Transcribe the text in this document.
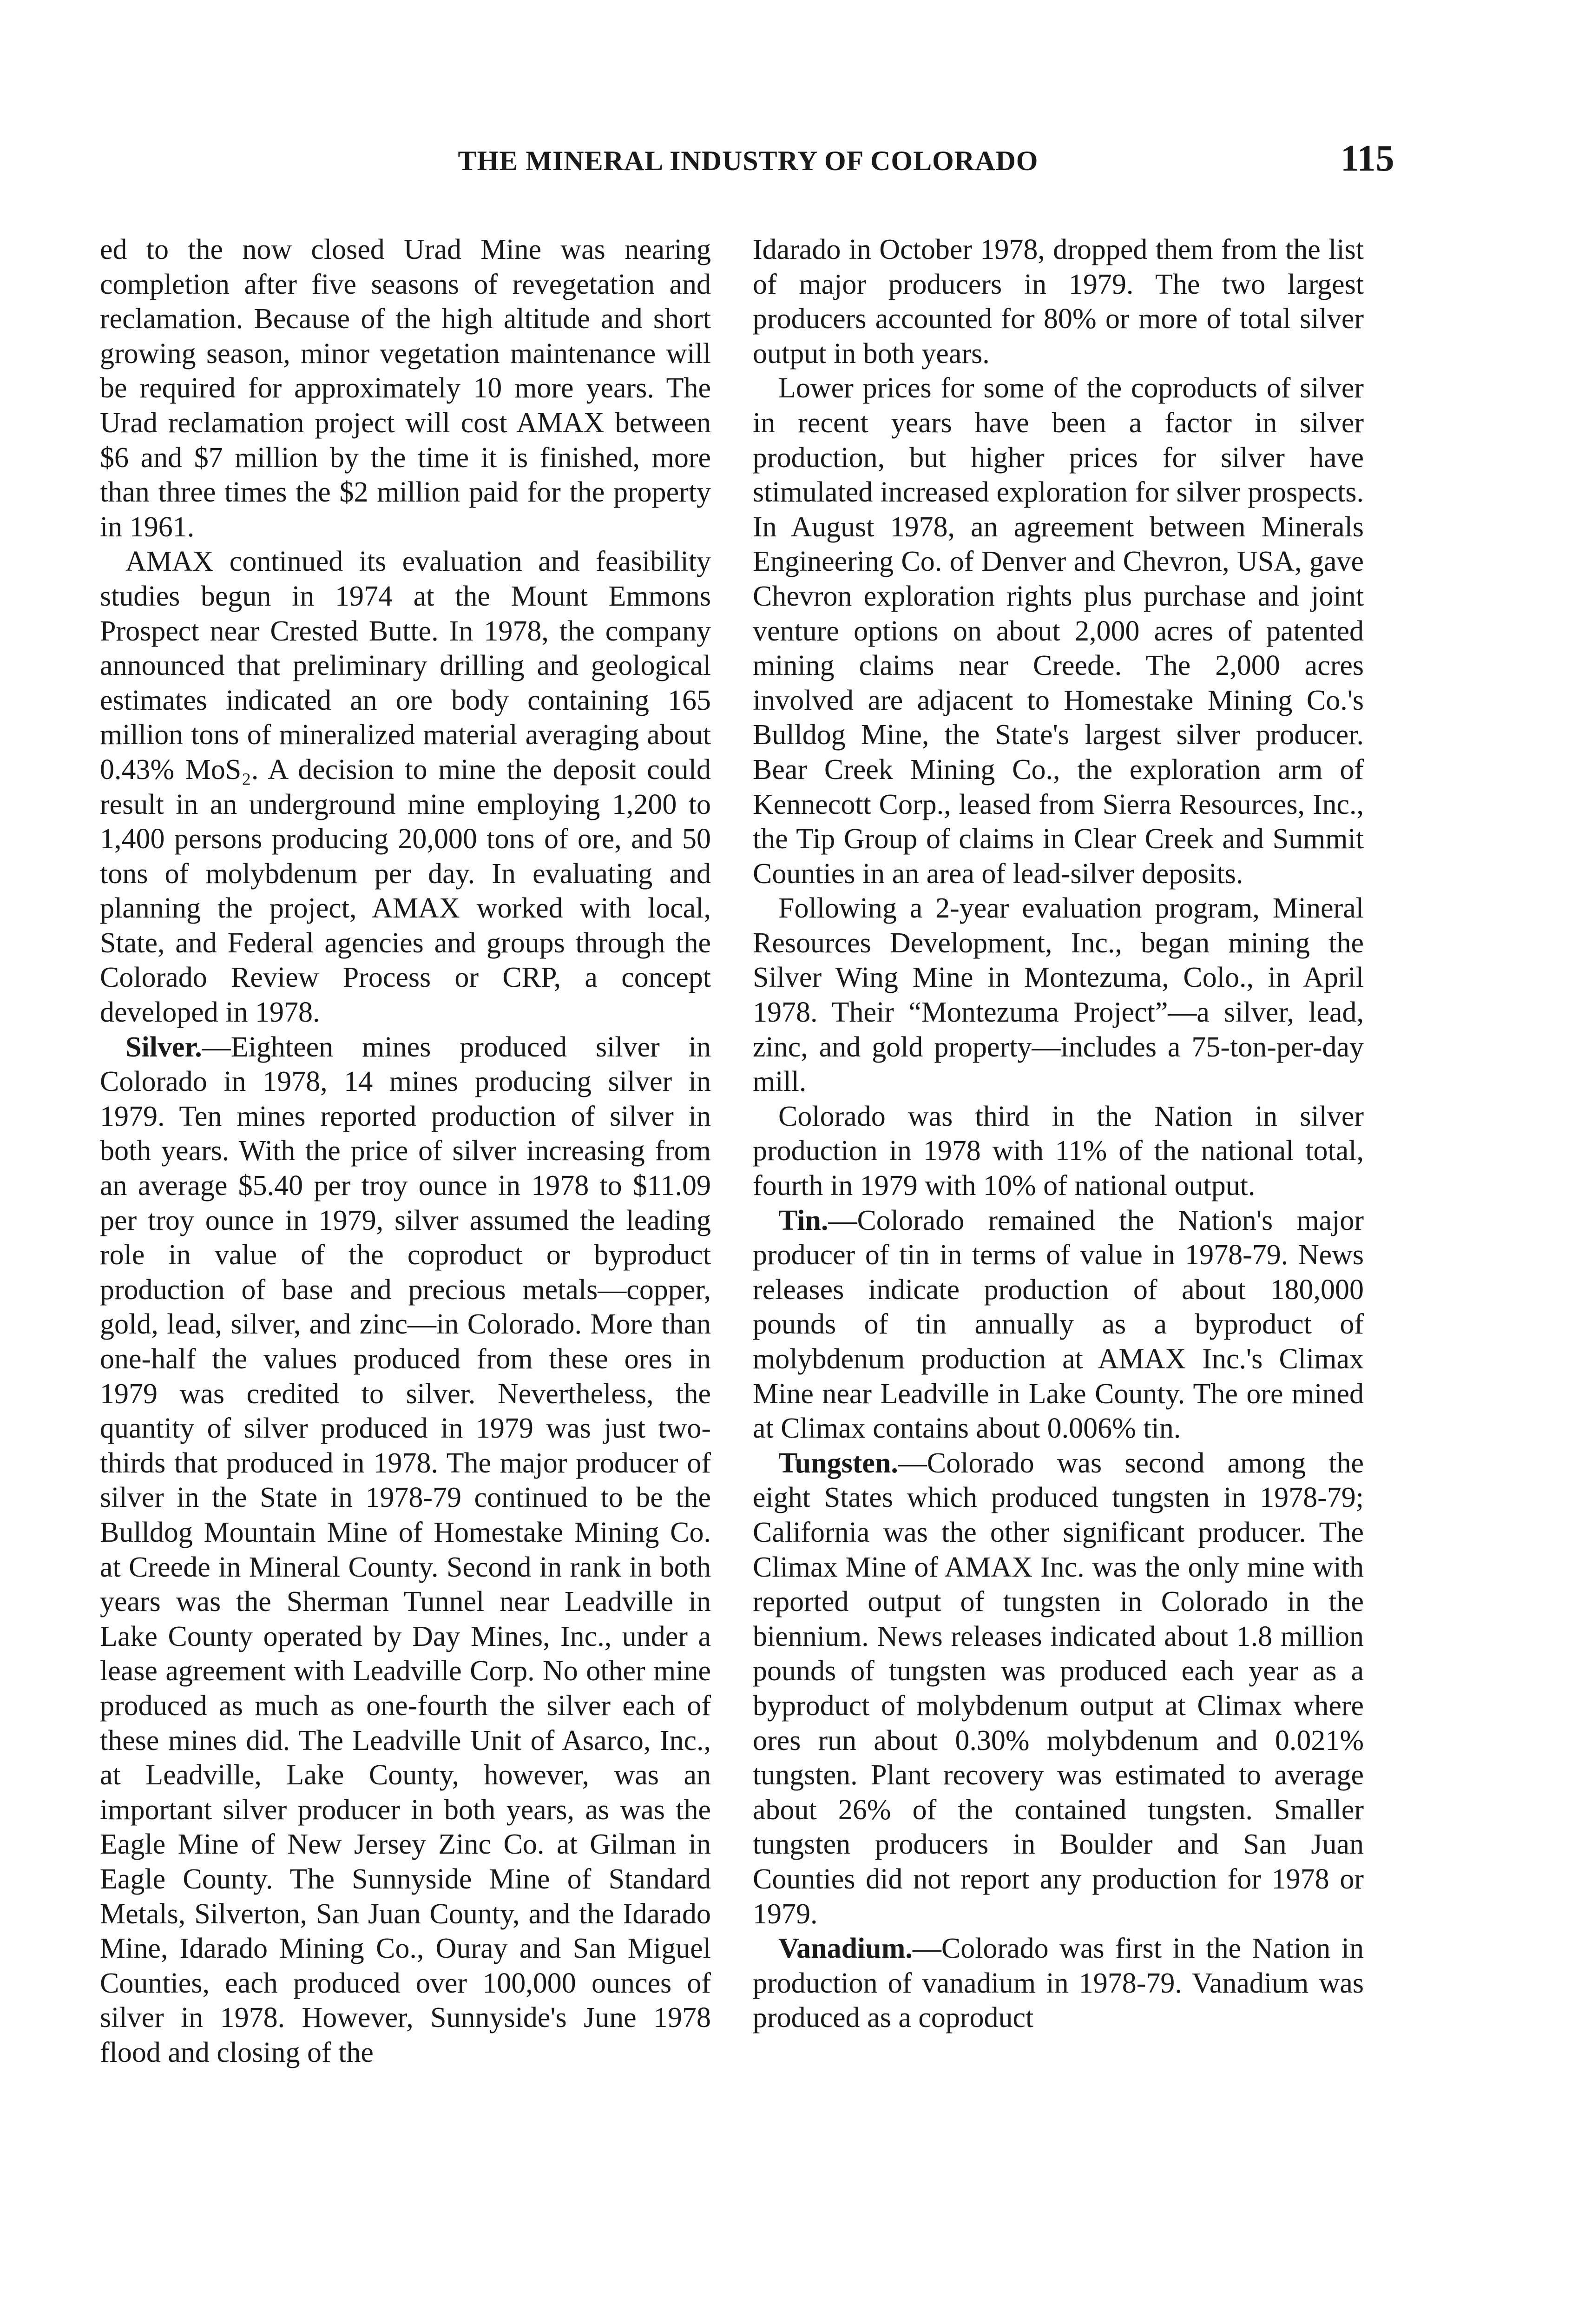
THE MINERAL INDUSTRY OF COLORADO	115

ed to the now closed Urad Mine was nearing completion after five seasons of revegetation and reclamation. Because of the high altitude and short growing season, minor vegetation maintenance will be required for approximately 10 more years. The Urad reclamation project will cost AMAX between $6 and $7 million by the time it is finished, more than three times the $2 million paid for the property in 1961.

AMAX continued its evaluation and feasibility studies begun in 1974 at the Mount Emmons Prospect near Crested Butte. In 1978, the company announced that preliminary drilling and geological estimates indicated an ore body containing 165 million tons of mineralized material averaging about 0.43% MoS₂. A decision to mine the deposit could result in an underground mine employing 1,200 to 1,400 persons producing 20,000 tons of ore, and 50 tons of molybdenum per day. In evaluating and planning the project, AMAX worked with local, State, and Federal agencies and groups through the Colorado Review Process or CRP, a concept developed in 1978.

Silver.—Eighteen mines produced silver in Colorado in 1978, 14 mines producing silver in 1979. Ten mines reported production of silver in both years. With the price of silver increasing from an average $5.40 per troy ounce in 1978 to $11.09 per troy ounce in 1979, silver assumed the leading role in value of the coproduct or byproduct production of base and precious metals—copper, gold, lead, silver, and zinc—in Colorado. More than one-half the values produced from these ores in 1979 was credited to silver. Nevertheless, the quantity of silver produced in 1979 was just two-thirds that produced in 1978. The major producer of silver in the State in 1978-79 continued to be the Bulldog Mountain Mine of Homestake Mining Co. at Creede in Mineral County. Second in rank in both years was the Sherman Tunnel near Leadville in Lake County operated by Day Mines, Inc., under a lease agreement with Leadville Corp. No other mine produced as much as one-fourth the silver each of these mines did. The Leadville Unit of Asarco, Inc., at Leadville, Lake County, however, was an important silver producer in both years, as was the Eagle Mine of New Jersey Zinc Co. at Gilman in Eagle County. The Sunnyside Mine of Standard Metals, Silverton, San Juan County, and the Idarado Mine, Idarado Mining Co., Ouray and San Miguel Counties, each produced over 100,000 ounces of silver in 1978. However, Sunnyside's June 1978 flood and closing of the

Idarado in October 1978, dropped them from the list of major producers in 1979. The two largest producers accounted for 80% or more of total silver output in both years.

Lower prices for some of the coproducts of silver in recent years have been a factor in silver production, but higher prices for silver have stimulated increased exploration for silver prospects. In August 1978, an agreement between Minerals Engineering Co. of Denver and Chevron, USA, gave Chevron exploration rights plus purchase and joint venture options on about 2,000 acres of patented mining claims near Creede. The 2,000 acres involved are adjacent to Homestake Mining Co.'s Bulldog Mine, the State's largest silver producer. Bear Creek Mining Co., the exploration arm of Kennecott Corp., leased from Sierra Resources, Inc., the Tip Group of claims in Clear Creek and Summit Counties in an area of lead-silver deposits.

Following a 2-year evaluation program, Mineral Resources Development, Inc., began mining the Silver Wing Mine in Montezuma, Colo., in April 1978. Their “Montezuma Project”—a silver, lead, zinc, and gold property—includes a 75-ton-per-day mill.

Colorado was third in the Nation in silver production in 1978 with 11% of the national total, fourth in 1979 with 10% of national output.

Tin.—Colorado remained the Nation's major producer of tin in terms of value in 1978-79. News releases indicate production of about 180,000 pounds of tin annually as a byproduct of molybdenum production at AMAX Inc.'s Climax Mine near Leadville in Lake County. The ore mined at Climax contains about 0.006% tin.

Tungsten.—Colorado was second among the eight States which produced tungsten in 1978-79; California was the other significant producer. The Climax Mine of AMAX Inc. was the only mine with reported output of tungsten in Colorado in the biennium. News releases indicated about 1.8 million pounds of tungsten was produced each year as a byproduct of molybdenum output at Climax where ores run about 0.30% molybdenum and 0.021% tungsten. Plant recovery was estimated to average about 26% of the contained tungsten. Smaller tungsten producers in Boulder and San Juan Counties did not report any production for 1978 or 1979.

Vanadium.—Colorado was first in the Nation in production of vanadium in 1978-79. Vanadium was produced as a coproduct
